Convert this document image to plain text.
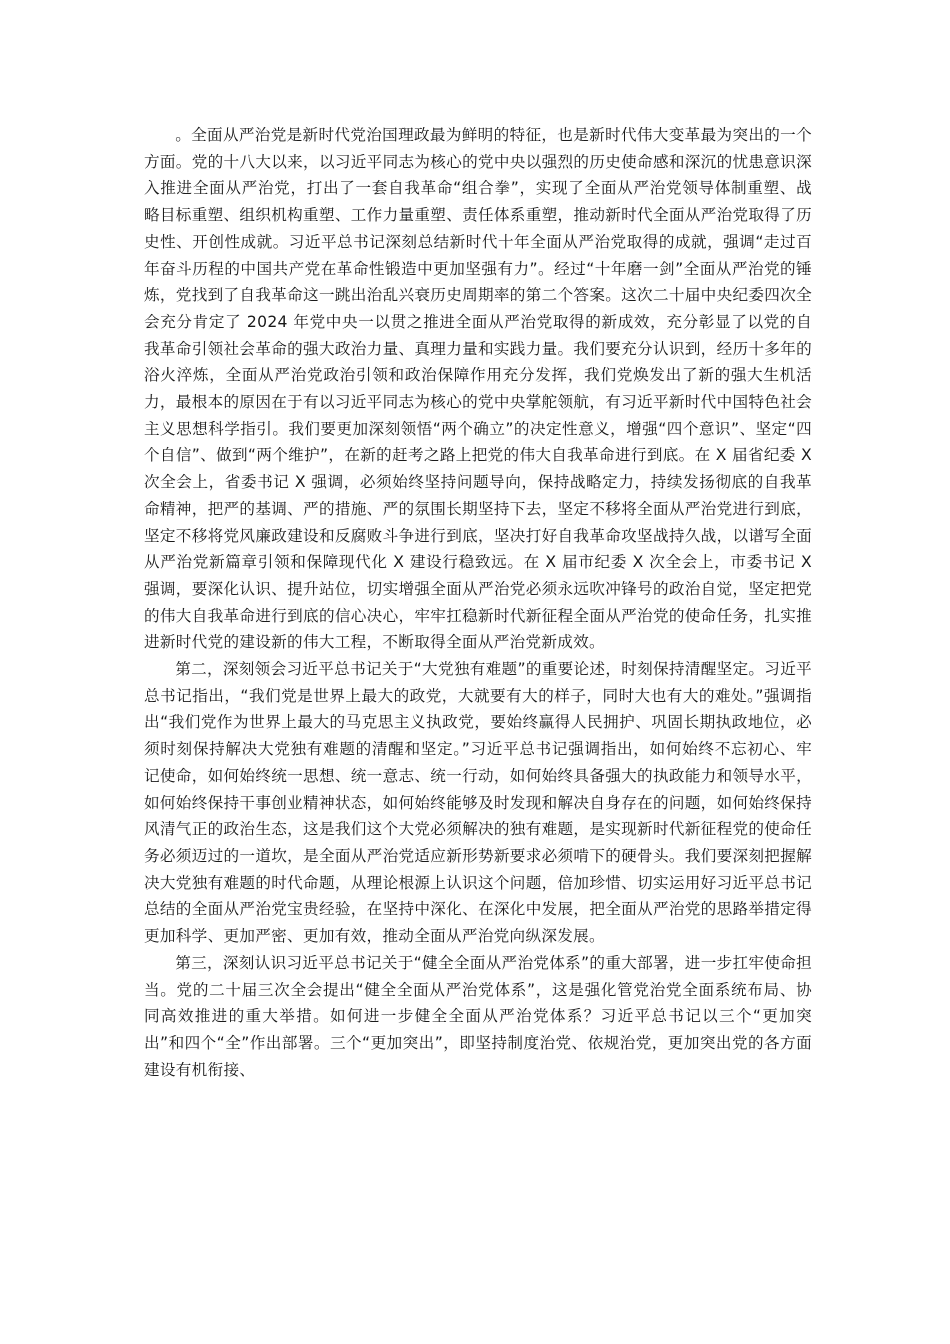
。全面从严治党是新时代党治国理政最为鲜明的特征，也是新时代伟大变革最为突出的一个方面。党的十八大以来，以习近平同志为核心的党中央以强烈的历史使命感和深沉的忧患意识深入推进全面从严治党，打出了一套自我革命“组合拳”，实现了全面从严治党领导体制重塑、战略目标重塑、组织机构重塑、工作力量重塑、责任体系重塑，推动新时代全面从严治党取得了历史性、开创性成就。习近平总书记深刻总结新时代十年全面从严治党取得的成就，强调“走过百年奋斗历程的中国共产党在革命性锻造中更加坚强有力”。经过“十年磨一剑”全面从严治党的锤炼，党找到了自我革命这一跳出治乱兴衰历史周期率的第二个答案。这次二十届中央纪委四次全会充分肯定了 2024 年党中央一以贯之推进全面从严治党取得的新成效，充分彰显了以党的自我革命引领社会革命的强大政治力量、真理力量和实践力量。我们要充分认识到，经历十多年的浴火淬炼，全面从严治党政治引领和政治保障作用充分发挥，我们党焕发出了新的强大生机活力，最根本的原因在于有以习近平同志为核心的党中央掌舵领航，有习近平新时代中国特色社会主义思想科学指引。我们要更加深刻领悟“两个确立”的决定性意义，增强“四个意识”、坚定“四个自信”、做到“两个维护”，在新的赶考之路上把党的伟大自我革命进行到底。在 X 届省纪委 X 次全会上，省委书记 X 强调，必须始终坚持问题导向，保持战略定力，持续发扬彻底的自我革命精神，把严的基调、严的措施、严的氛围长期坚持下去，坚定不移将全面从严治党进行到底，坚定不移将党风廉政建设和反腐败斗争进行到底，坚决打好自我革命攻坚战持久战，以谱写全面从严治党新篇章引领和保障现代化 X 建设行稳致远。在 X 届市纪委 X 次全会上，市委书记 X 强调，要深化认识、提升站位，切实增强全面从严治党必须永远吹冲锋号的政治自觉，坚定把党的伟大自我革命进行到底的信心决心，牢牢扛稳新时代新征程全面从严治党的使命任务，扎实推进新时代党的建设新的伟大工程，不断取得全面从严治党新成效。

第二，深刻领会习近平总书记关于“大党独有难题”的重要论述，时刻保持清醒坚定。习近平总书记指出，“我们党是世界上最大的政党，大就要有大的样子，同时大也有大的难处。”强调指出“我们党作为世界上最大的马克思主义执政党，要始终赢得人民拥护、巩固长期执政地位，必须时刻保持解决大党独有难题的清醒和坚定。”习近平总书记强调指出，如何始终不忘初心、牢记使命，如何始终统一思想、统一意志、统一行动，如何始终具备强大的执政能力和领导水平，如何始终保持干事创业精神状态，如何始终能够及时发现和解决自身存在的问题，如何始终保持风清气正的政治生态，这是我们这个大党必须解决的独有难题，是实现新时代新征程党的使命任务必须迈过的一道坎，是全面从严治党适应新形势新要求必须啃下的硬骨头。我们要深刻把握解决大党独有难题的时代命题，从理论根源上认识这个问题，倍加珍惜、切实运用好习近平总书记总结的全面从严治党宝贵经验，在坚持中深化、在深化中发展，把全面从严治党的思路举措定得更加科学、更加严密、更加有效，推动全面从严治党向纵深发展。

第三，深刻认识习近平总书记关于“健全全面从严治党体系”的重大部署，进一步扛牢使命担当。党的二十届三次全会提出“健全全面从严治党体系”，这是强化管党治党全面系统布局、协同高效推进的重大举措。如何进一步健全全面从严治党体系？习近平总书记以三个“更加突出”和四个“全”作出部署。三个“更加突出”，即坚持制度治党、依规治党，更加突出党的各方面建设有机衔接、
